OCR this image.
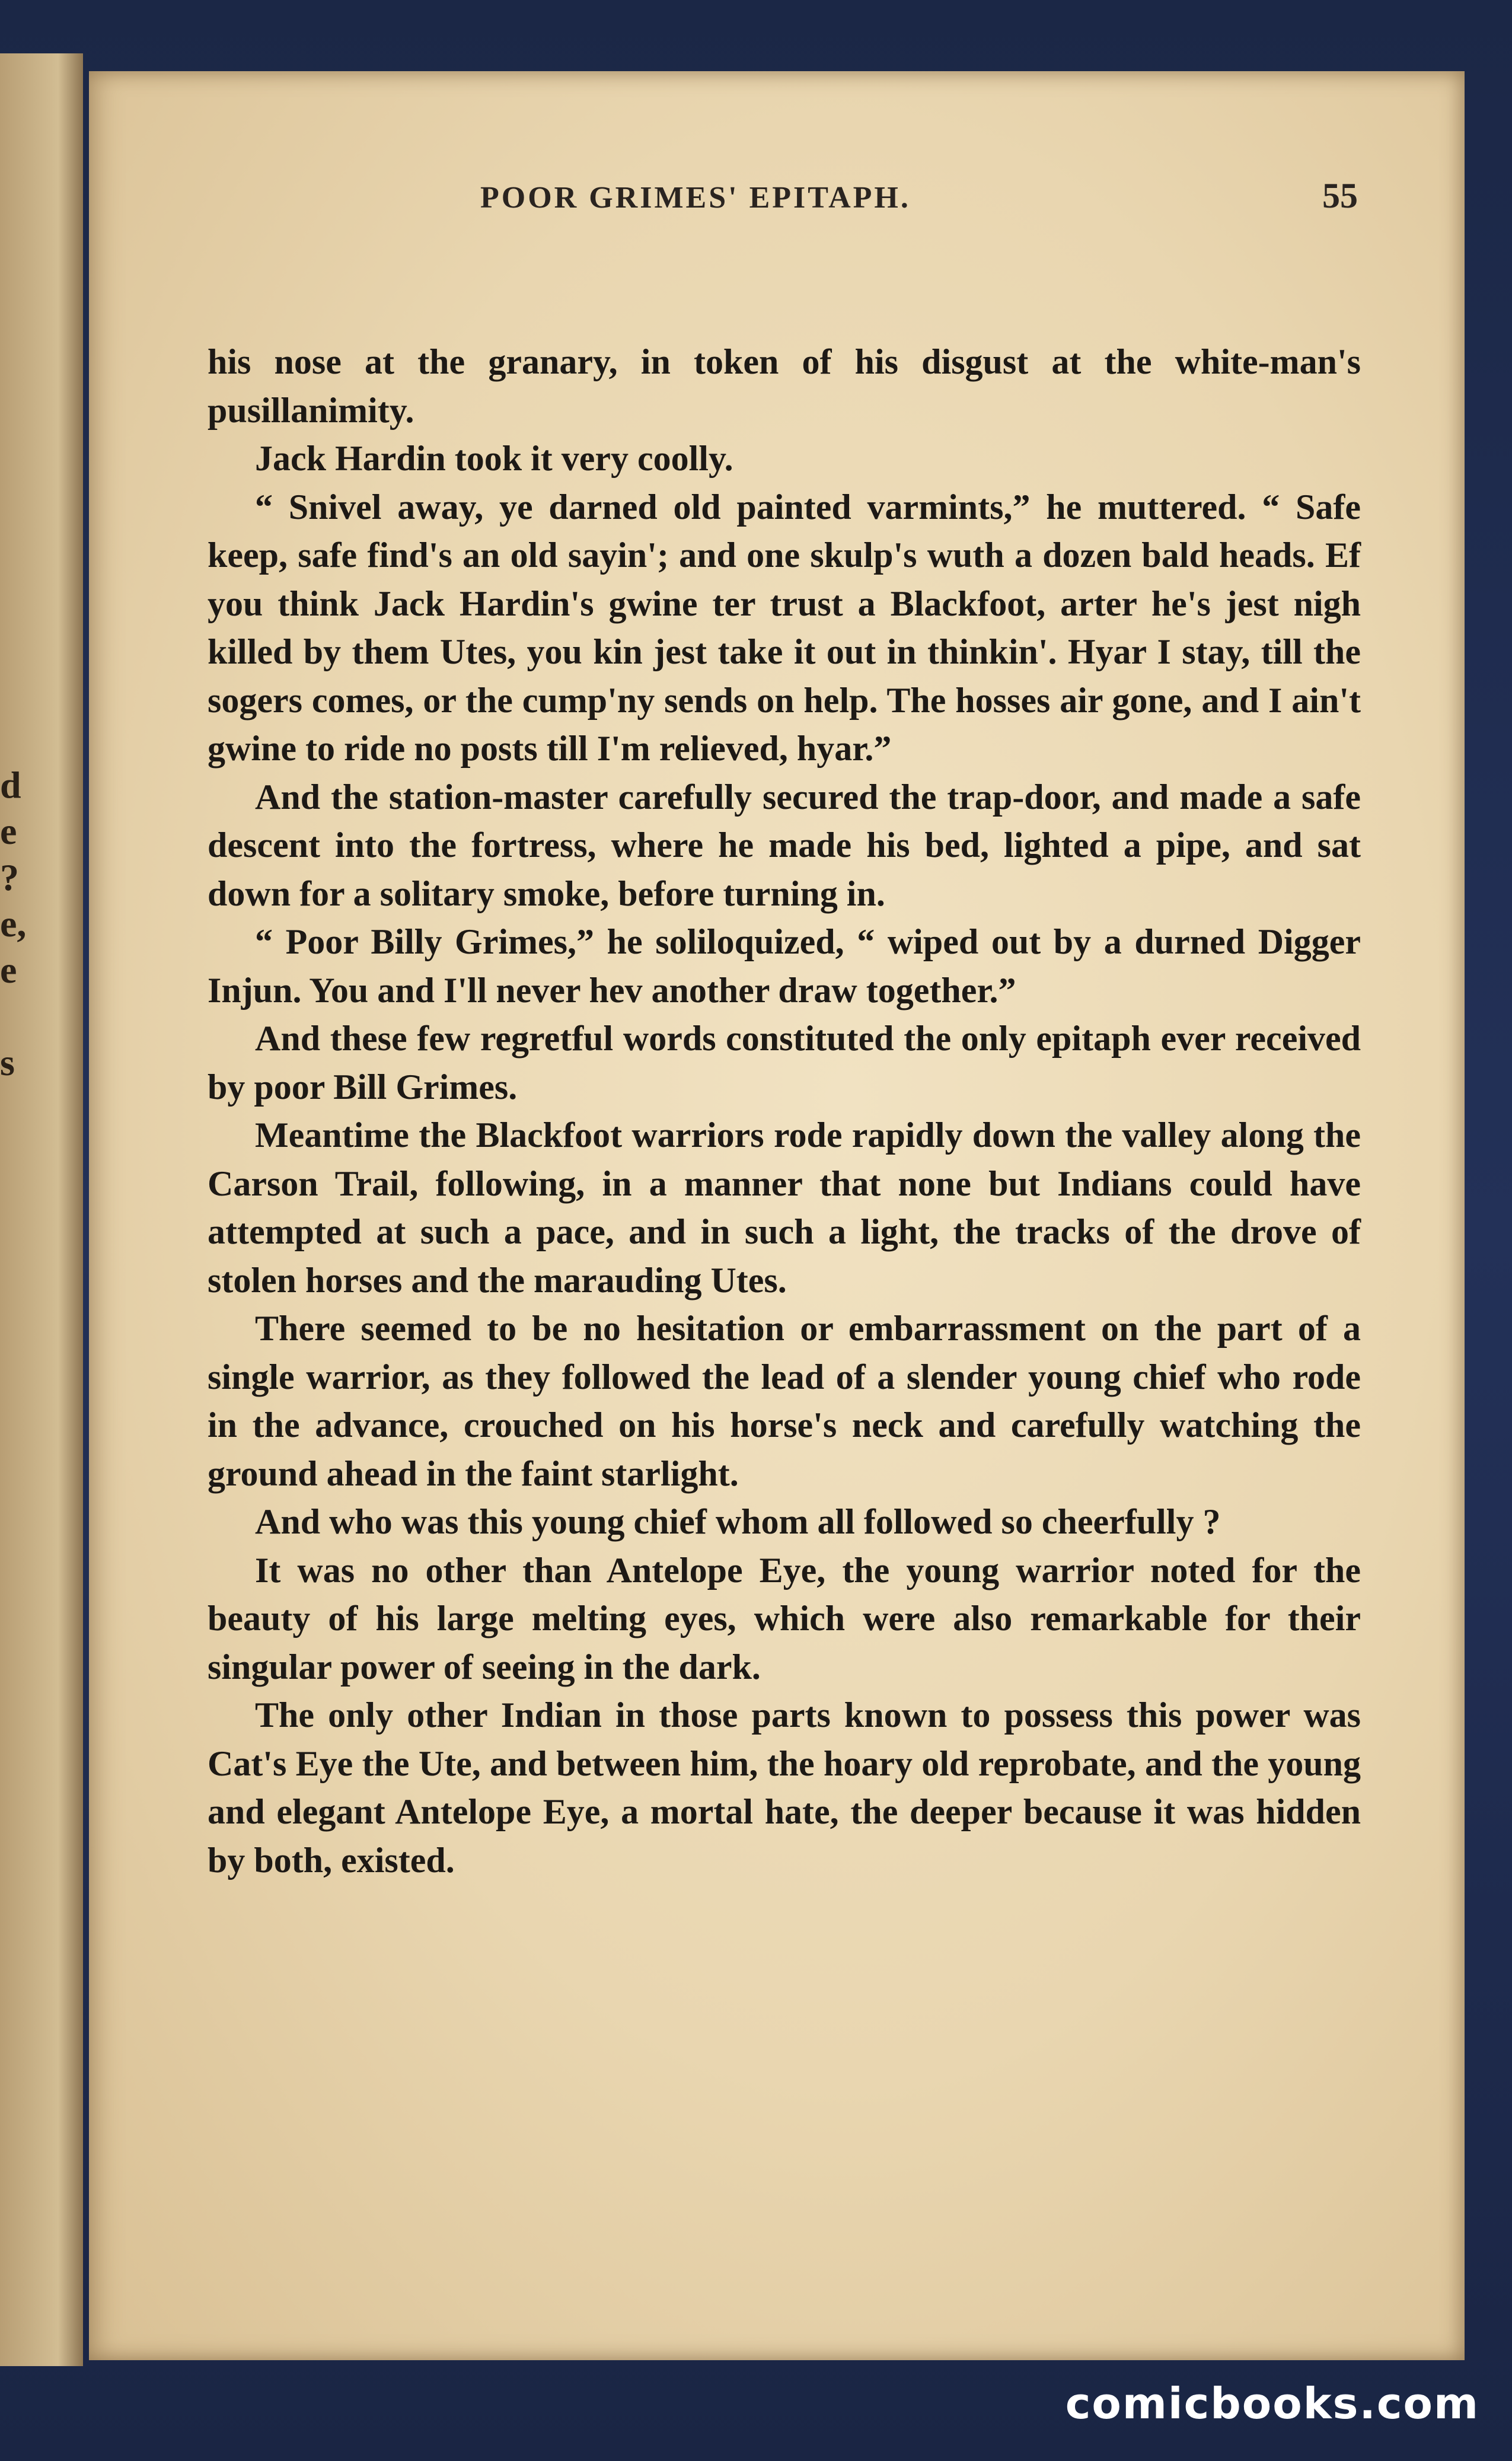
d
e
?
e,
e
s
POOR GRIMES' EPITAPH.	55

his nose at the granary, in token of his disgust at the white-man's pusillanimity.

Jack Hardin took it very coolly.

“ Snivel away, ye darned old painted varmints,” he muttered. “ Safe keep, safe find's an old sayin'; and one skulp's wuth a dozen bald heads. Ef you think Jack Hardin's gwine ter trust a Blackfoot, arter he's jest nigh killed by them Utes, you kin jest take it out in thinkin'. Hyar I stay, till the sogers comes, or the cump'ny sends on help. The hosses air gone, and I ain't gwine to ride no posts till I'm relieved, hyar.”

And the station-master carefully secured the trap-door, and made a safe descent into the fortress, where he made his bed, lighted a pipe, and sat down for a solitary smoke, before turning in.

“ Poor Billy Grimes,” he soliloquized, “ wiped out by a durned Digger Injun. You and I'll never hev another draw together.”

And these few regretful words constituted the only epitaph ever received by poor Bill Grimes.

Meantime the Blackfoot warriors rode rapidly down the valley along the Carson Trail, following, in a manner that none but Indians could have attempted at such a pace, and in such a light, the tracks of the drove of stolen horses and the marauding Utes.

There seemed to be no hesitation or embarrassment on the part of a single warrior, as they followed the lead of a slender young chief who rode in the advance, crouched on his horse's neck and carefully watching the ground ahead in the faint starlight.

And who was this young chief whom all followed so cheerfully ?

It was no other than Antelope Eye, the young warrior noted for the beauty of his large melting eyes, which were also remarkable for their singular power of seeing in the dark.

The only other Indian in those parts known to possess this power was Cat's Eye the Ute, and between him, the hoary old reprobate, and the young and elegant Antelope Eye, a mortal hate, the deeper because it was hidden by both, existed.

comicbooks.com
